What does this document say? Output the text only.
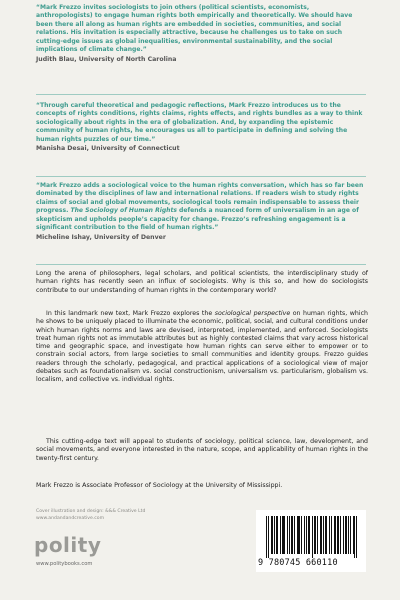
“Mark Frezzo invites sociologists to join others (political scientists, economists, anthropologists) to engage human rights both empirically and theoretically. We should have been there all along as human rights are embedded in societies, communities, and social relations. His invitation is especially attractive, because he challenges us to take on such cutting-edge issues as global inequalities, environmental sustainability, and the social implications of climate change.”

Judith Blau, University of North Carolina

“Through careful theoretical and pedagogic reflections, Mark Frezzo introduces us to the concepts of rights conditions, rights claims, rights effects, and rights bundles as a way to think sociologically about rights in the era of globalization. And, by expanding the epistemic community of human rights, he encourages us all to participate in defining and solving the human rights puzzles of our time.”

Manisha Desai, University of Connecticut

“Mark Frezzo adds a sociological voice to the human rights conversation, which has so far been dominated by the disciplines of law and international relations. If readers wish to study rights claims of social and global movements, sociological tools remain indispensable to assess their progress. The Sociology of Human Rights defends a nuanced form of universalism in an age of skepticism and upholds people’s capacity for change. Frezzo’s refreshing engagement is a significant contribution to the field of human rights.”

Micheline Ishay, University of Denver

Long the arena of philosophers, legal scholars, and political scientists, the interdisciplinary study of human rights has recently seen an influx of sociologists. Why is this so, and how do sociologists contribute to our understanding of human rights in the contemporary world?

In this landmark new text, Mark Frezzo explores the sociological perspective on human rights, which he shows to be uniquely placed to illuminate the economic, political, social, and cultural conditions under which human rights norms and laws are devised, interpreted, implemented, and enforced. Sociologists treat human rights not as immutable attributes but as highly contested claims that vary across historical time and geographic space, and investigate how human rights can serve either to empower or to constrain social actors, from large societies to small communities and identity groups. Frezzo guides readers through the scholarly, pedagogical, and practical applications of a sociological view of major debates such as foundationalism vs. social constructionism, universalism vs. particularism, globalism vs. localism, and collective vs. individual rights.

This cutting-edge text will appeal to students of sociology, political science, law, development, and social movements, and everyone interested in the nature, scope, and applicability of human rights in the twenty-first century.

Mark Frezzo is Associate Professor of Sociology at the University of Mississippi.

Cover illustration and design: &&& Creative Ltd

www.andandandcreative.com

polity
www.politybooks.com	9 780745 660110
